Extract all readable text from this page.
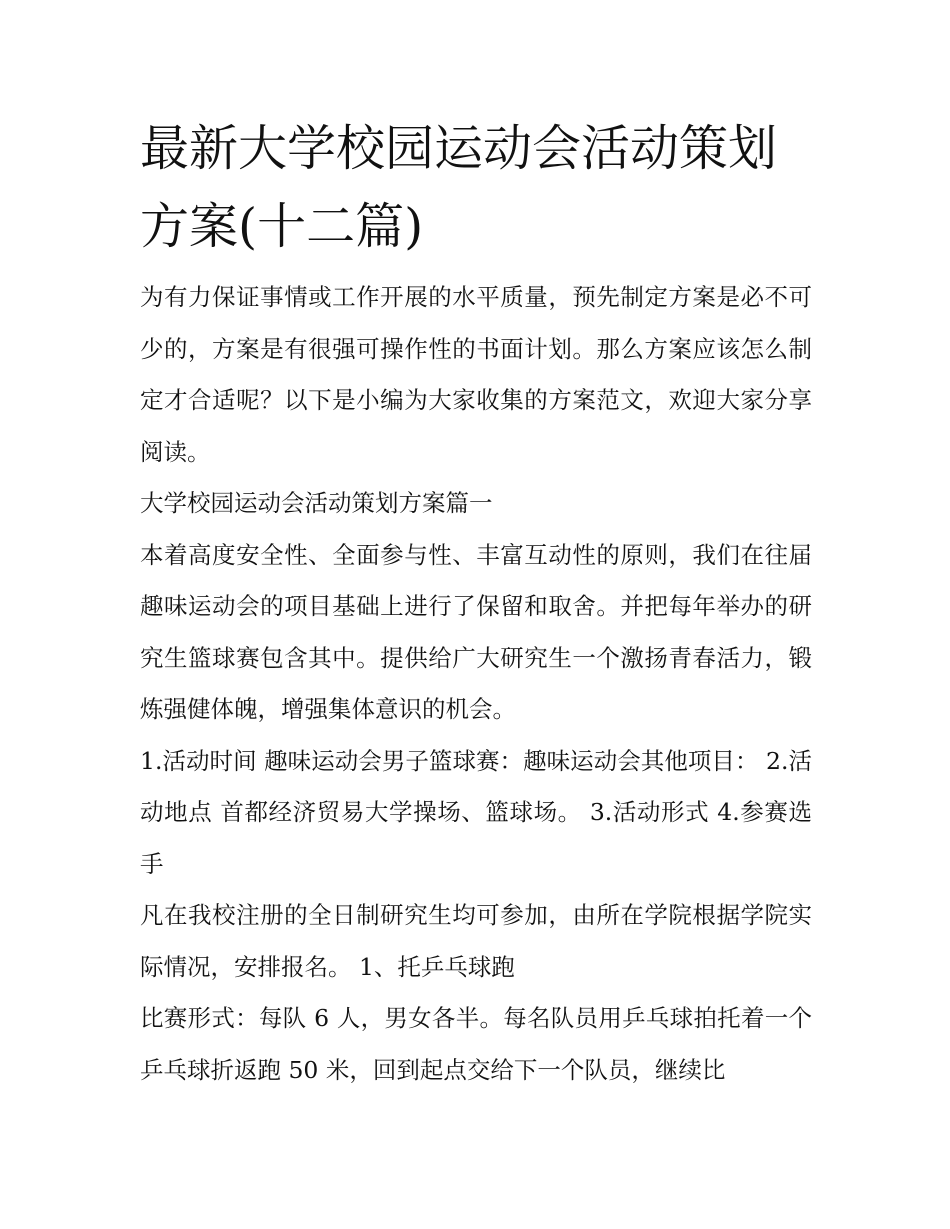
最新大学校园运动会活动策划方案(十二篇)

为有力保证事情或工作开展的水平质量，预先制定方案是必不可少的，方案是有很强可操作性的书面计划。那么方案应该怎么制定才合适呢？以下是小编为大家收集的方案范文，欢迎大家分享阅读。

大学校园运动会活动策划方案篇一

本着高度安全性、全面参与性、丰富互动性的原则，我们在往届趣味运动会的项目基础上进行了保留和取舍。并把每年举办的研究生篮球赛包含其中。提供给广大研究生一个激扬青春活力，锻炼强健体魄，增强集体意识的机会。

1.活动时间 趣味运动会男子篮球赛：趣味运动会其他项目： 2.活动地点 首都经济贸易大学操场、篮球场。 3.活动形式 4.参赛选手

凡在我校注册的全日制研究生均可参加，由所在学院根据学院实际情况，安排报名。 1、托乒乓球跑

比赛形式：每队 6 人，男女各半。每名队员用乒乓球拍托着一个乒乓球折返跑 50 米，回到起点交给下一个队员，继续比
